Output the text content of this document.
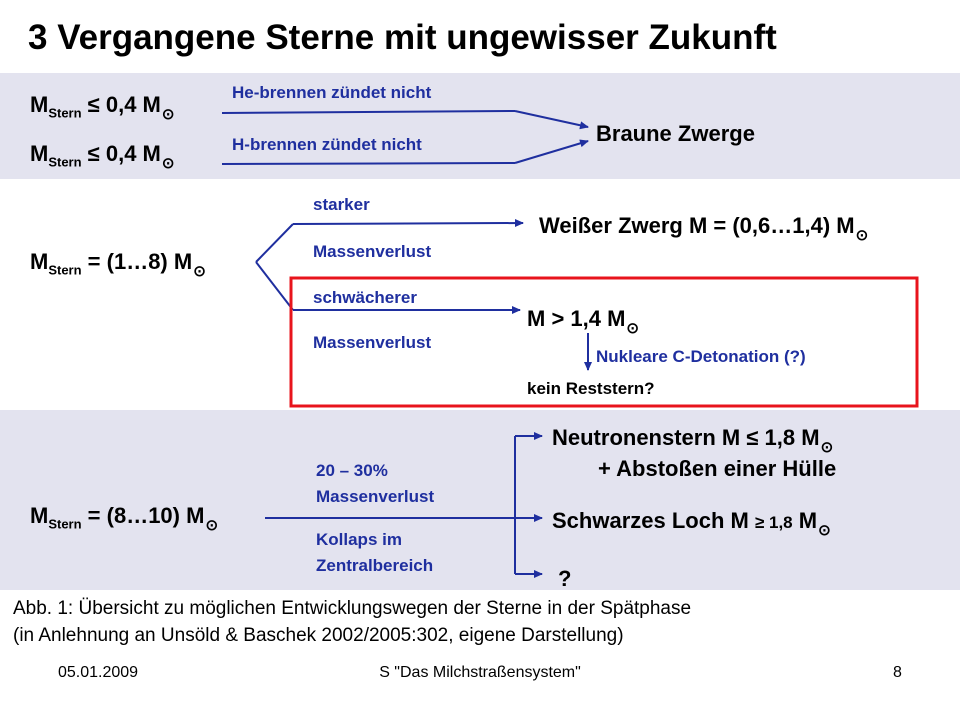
3 Vergangene Sterne mit ungewisser Zukunft
$M_{Stern} \le 0,4$ $M_⊙$
He-brennen zündet nicht
$M_{Stern} \le 0,4$ $M_⊙$
H-brennen zündet nicht	Braune Zwerge
$M_{Stern}$ = (1…8) $M_⊙$
starker
Massenverlust
Weißer Zwerg M = (0,6…1,4) $M_⊙$
schwächerer
Massenverlust
M > 1,4 $M_⊙$
Nukleare C-Detonation (?)
kein Reststern?
$M_{Stern}$ = (8…10) $M_⊙$
20 – 30%
Massenverlust
Kollaps im
Zentralbereich
Neutronenstern M ≤ 1,8 $M_⊙$
+ Abstoßen einer Hülle
Schwarzes Loch M ≥ 1,8 $M_⊙$
?
Abb. 1: Übersicht zu möglichen Entwicklungswegen der Sterne in der Spätphase
(in Anlehnung an Unsöld & Baschek 2002/2005:302, eigene Darstellung)
05.01.2009	S "Das Milchstraßensystem"	8
